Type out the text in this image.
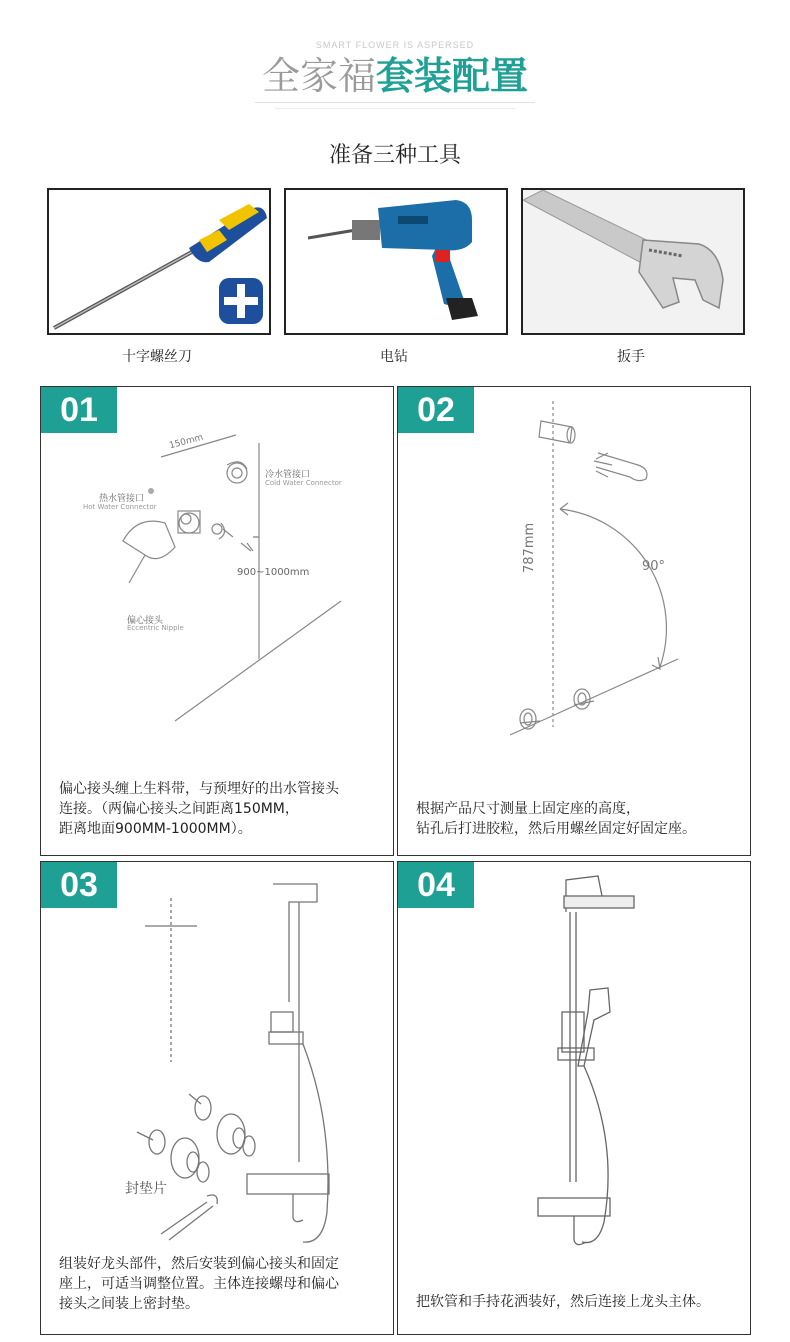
SMART FLOWER IS ASPERSED
全家福套装配置
准备三种工具
十字螺丝刀	电钻	扳手
150mm
冷水管接口
Cold Water Connector
热水管接口
Hot Water Connector
900~1000mm
偏心接头
Eccentric Nipple
01
偏心接头缠上生料带，与预埋好的出水管接头
连接。（两偏心接头之间距离150MM，
距离地面900MM-1000MM）。
787mm	90°
02
根据产品尺寸测量上固定座的高度，
钻孔后打进胶粒，然后用螺丝固定好固定座。
封垫片
03
组装好龙头部件，然后安装到偏心接头和固定
座上，可适当调整位置。主体连接螺母和偏心
接头之间装上密封垫。
04
把软管和手持花洒装好，然后连接上龙头主体。
